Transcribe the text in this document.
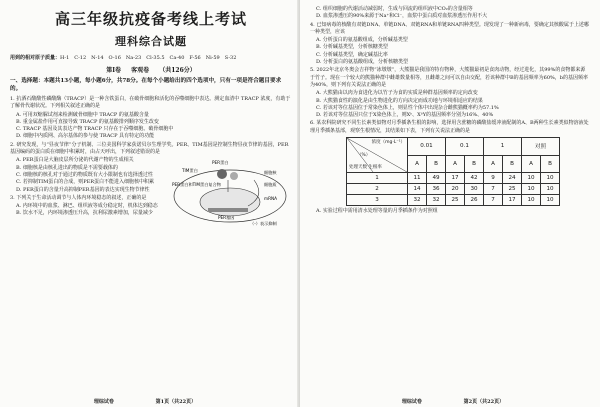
高三年级抗疫备考线上考试
理科综合试题
用到的相对原子质量：H-1　C-12　N-14　O-16　Na-23　Cl-35.5　Ca-40　F-56　Ni-59　S-32
第Ⅰ卷 客观卷 （共126分）
一、选择题：本题共13小题，每小题6分，共78分。在每个小题给出的四个选项中，只有一项是符合题目要求的。
1. 抗酒石酸酸性磷酸酶（TRACP）是一种含铁蛋白，在破骨细胞和活化的吞噬细胞中表达。测定血清中 TRACP 浓度，有助于了解骨代谢状况。下列相关叙述正确的是
A. 可用双缩脲试剂来检测破骨细胞中 TRACP 的氨基酸含量
B. 重金属盐作用可直接导致 TRACP 的氨基酸排列顺序发生改变
C. TRACP 基因及其表达产物 TRACP 只存在于吞噬细胞、破骨细胞中
D. 细胞中内质网、高尔基体的参与使 TRACP 具有特定的功能
2. 研究发现，与“昼夜节律”分子机制、三位美国科学家获诺贝尔生理学奖。PER、TIM基因是控制生物昼夜节律的基因，PER基因编码的蛋白质在细胞中积累时，由占天呼出，下列叙述错误的是
A. PER蛋白是大脑皮层所分泌的代谢产物的生成相关
B. 细胞核是由核孔进出的物质是不需要载体的
C. 细胞核的核孔对于通过的物质既有大小限制也有选择透过性
C. 若抑制TIM蛋白的合成，则PER蛋白不能进入细胞核中积累
D. PER蛋白的含量升高抑制PER基因的表达实现生物节律性
PER蛋白
TIM蛋白
PER蛋白和TIM蛋白复合物
细胞核
细胞质
mRNA
PER基因
（-）表示抑制
3. 下列关于生命活动调节与人体内环境稳态的叙述，正确的是
A. 内环境中的血浆、淋巴、组织液等成分稳定时，机体达到稳态
B. 饮水不足，内环境渗透压升高，抗利尿激素增加，尿量减少
理综试卷	第1页（共22页）
C. 组织细胞的代谢活动减弱时，生成与回流的组织液中CO₂的含量相等
D. 血浆渗透压的90%来源于Na⁺和Cl⁻，血浆中蛋白质对血浆渗透压作用不大
4. 已知病毒的核酸有双链DNA、单链DNA、双链RNA和单链RNA四种类型。现发现了一种新病毒，要确定其核酸属于上述哪一种类型，应该
A. 分析蛋白的氨基酸组成，分析碱基类型
B. 分析碱基类型，分析核糖类型
C. 分析碱基类型，确定碱基比率
D. 分析蛋白的氨基酸组成，分析核糖类型
5. 2022年北京冬奥会吉祥物“冰墩墩”，大熊猫是我国的特有物种，大熊猫最初是食肉动物，经过进化，其99%的食物都来源于竹子。现在一个较大的熊猫种群中雌雄数量相等，且雌雄之间可以自由交配，若该种群中B的基因频率为60%，b的基因频率为40%，则下列有关说法正确的是
A. 大熊猫由以肉为食进化为以竹子为食的实质是种群基因频率的定向改变
B. 大熊猫食性的演化是由生物进化的方向决定而成功地与环境相适应的结果
C. 若该对等位基因位于常染色体上，则显性个体中出现杂合雌熊猫概率约为57.1%
D. 若该对等位基因只位于X染色体上，则Xᵇ、XᵇY的基因频率分别为16%、40%
6. 某农科院研究不同生长素类似物对月季插条生根的影响，选择用含蔗糖的磷酸盐缓冲液配制的A、B两种生长素类似物溶液处理月季插条基部，观察生根情况，其结果如下表，下列有关说法正确的是
浓度（mg·L⁻¹）
（%）
处理天数 生根率	0.01		0.1		1		对照	
	A	B	A	B	A	B	A	B
1	11	49	17	42	9	24	10	10
2	14	36	20	30	7	25	10	10
3	32	32	25	26	7	17	10	10
A. 实验过程中需用清水处理等量的月季插条作为对照组
理综试卷	第2页（共22页）
